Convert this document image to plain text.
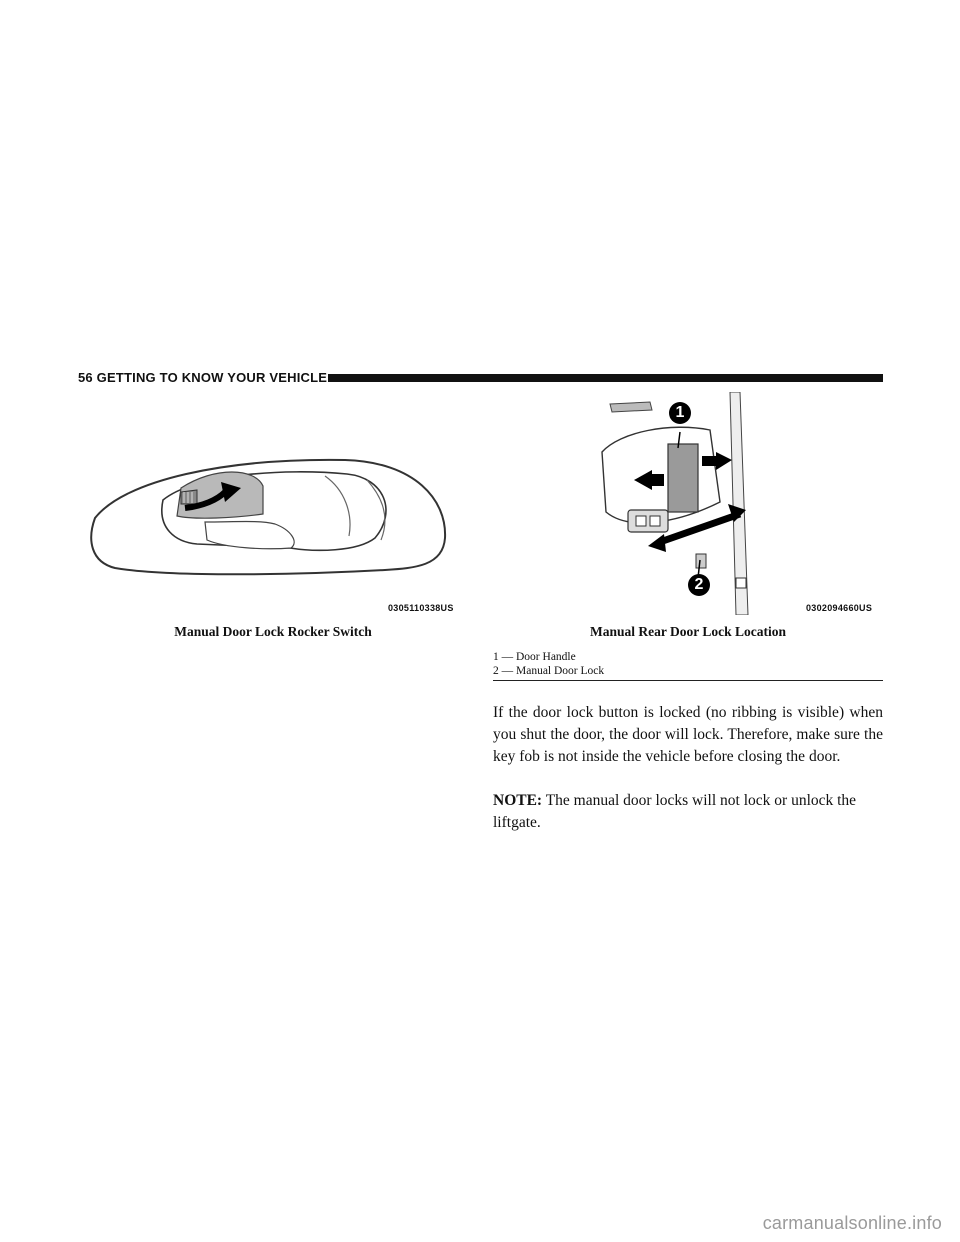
56 GETTING TO KNOW YOUR VEHICLE
0305110338US
Manual Door Lock Rocker Switch
1
2
0302094660US
Manual Rear Door Lock Location
1 — Door Handle
2 — Manual Door Lock

If the door lock button is locked (no ribbing is visible) when you shut the door, the door will lock. Therefore, make sure the key fob is not inside the vehicle before closing the door.

NOTE: The manual door locks will not lock or unlock the liftgate.

carmanualsonline.info
